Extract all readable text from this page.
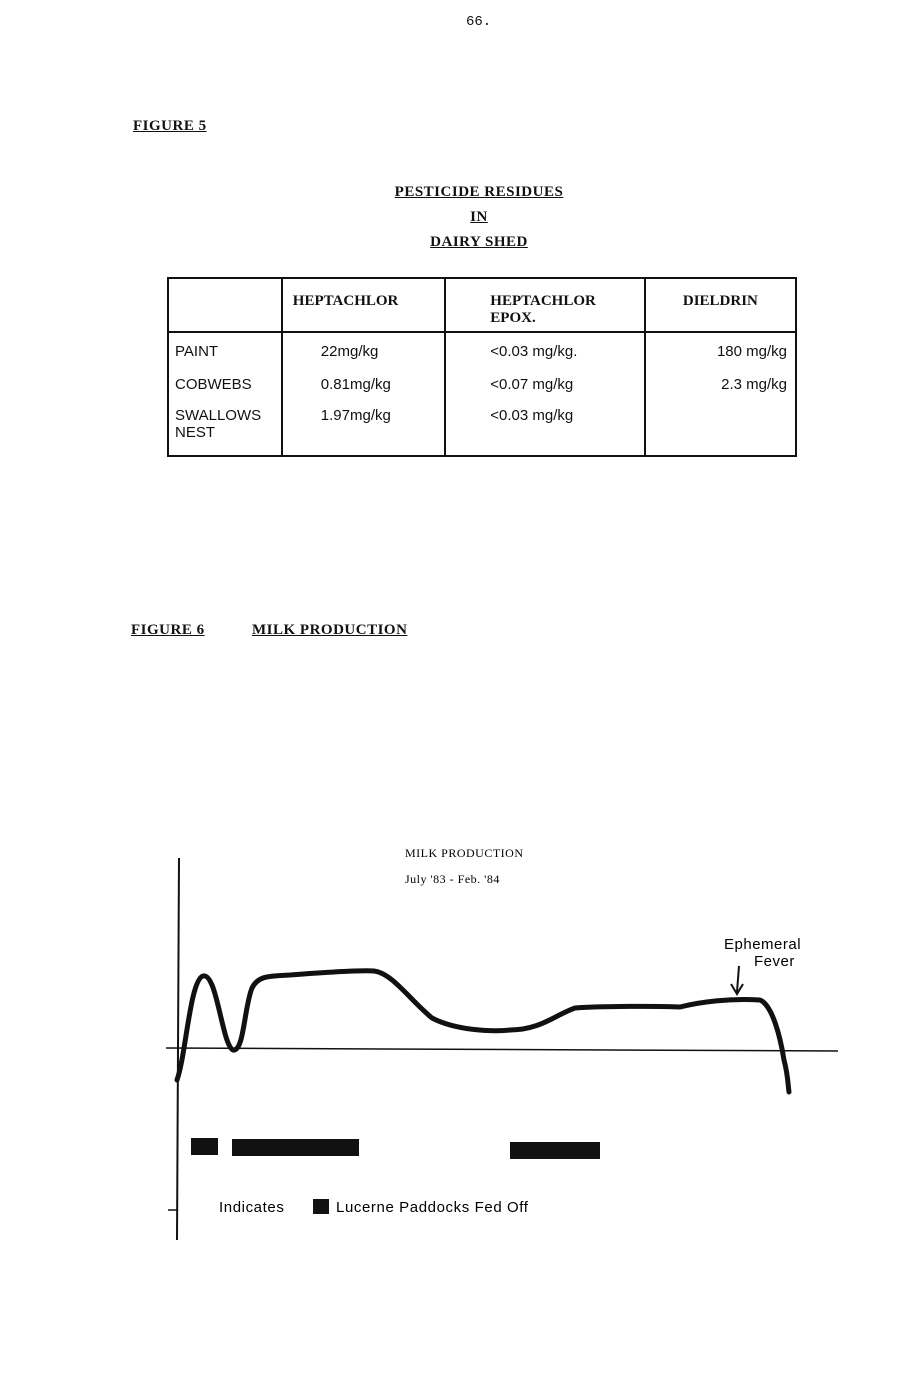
66.
FIGURE 5
PESTICIDE RESIDUES
IN
DAIRY SHED
	HEPTACHLOR	HEPTACHLOR EPOX.	DIELDRIN
PAINT	22mg/kg	<0.03 mg/kg.	180 mg/kg
COBWEBS	0.81mg/kg	<0.07 mg/kg	2.3 mg/kg
SWALLOWS NEST	1.97mg/kg	<0.03 mg/kg	
FIGURE 6	MILK PRODUCTION
MILK PRODUCTION
July '83 - Feb. '84
Ephemeral Fever
Indicates	Lucerne Paddocks Fed Off
